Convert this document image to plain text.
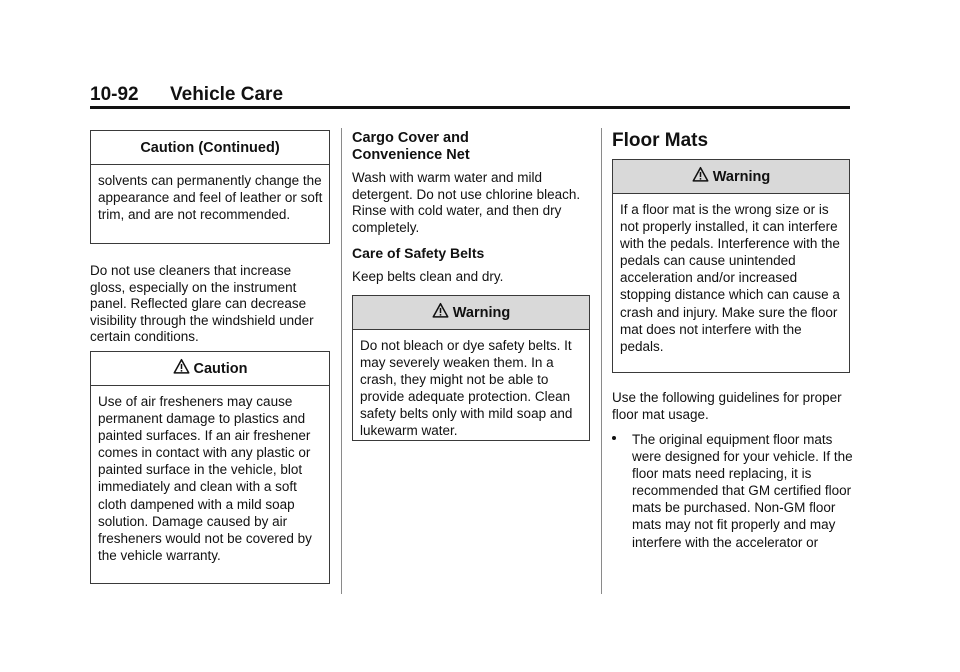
10-92 Vehicle Care
Caution (Continued)
solvents can permanently change the appearance and feel of leather or soft trim, and are not recommended.

Do not use cleaners that increase gloss, especially on the instrument panel. Reflected glare can decrease visibility through the windshield under certain conditions.

Caution
Use of air fresheners may cause permanent damage to plastics and painted surfaces. If an air freshener comes in contact with any plastic or painted surface in the vehicle, blot immediately and clean with a soft cloth dampened with a mild soap solution. Damage caused by air fresheners would not be covered by the vehicle warranty.
Cargo Cover and Convenience Net

Wash with warm water and mild detergent. Do not use chlorine bleach. Rinse with cold water, and then dry completely.

Care of Safety Belts

Keep belts clean and dry.

Warning
Do not bleach or dye safety belts. It may severely weaken them. In a crash, they might not be able to provide adequate protection. Clean safety belts only with mild soap and lukewarm water.
Floor Mats
Warning
If a floor mat is the wrong size or is not properly installed, it can interfere with the pedals. Interference with the pedals can cause unintended acceleration and/or increased stopping distance which can cause a crash and injury. Make sure the floor mat does not interfere with the pedals.

Use the following guidelines for proper floor mat usage.

The original equipment floor mats were designed for your vehicle. If the floor mats need replacing, it is recommended that GM certified floor mats be purchased. Non-GM floor mats may not fit properly and may interfere with the accelerator or
